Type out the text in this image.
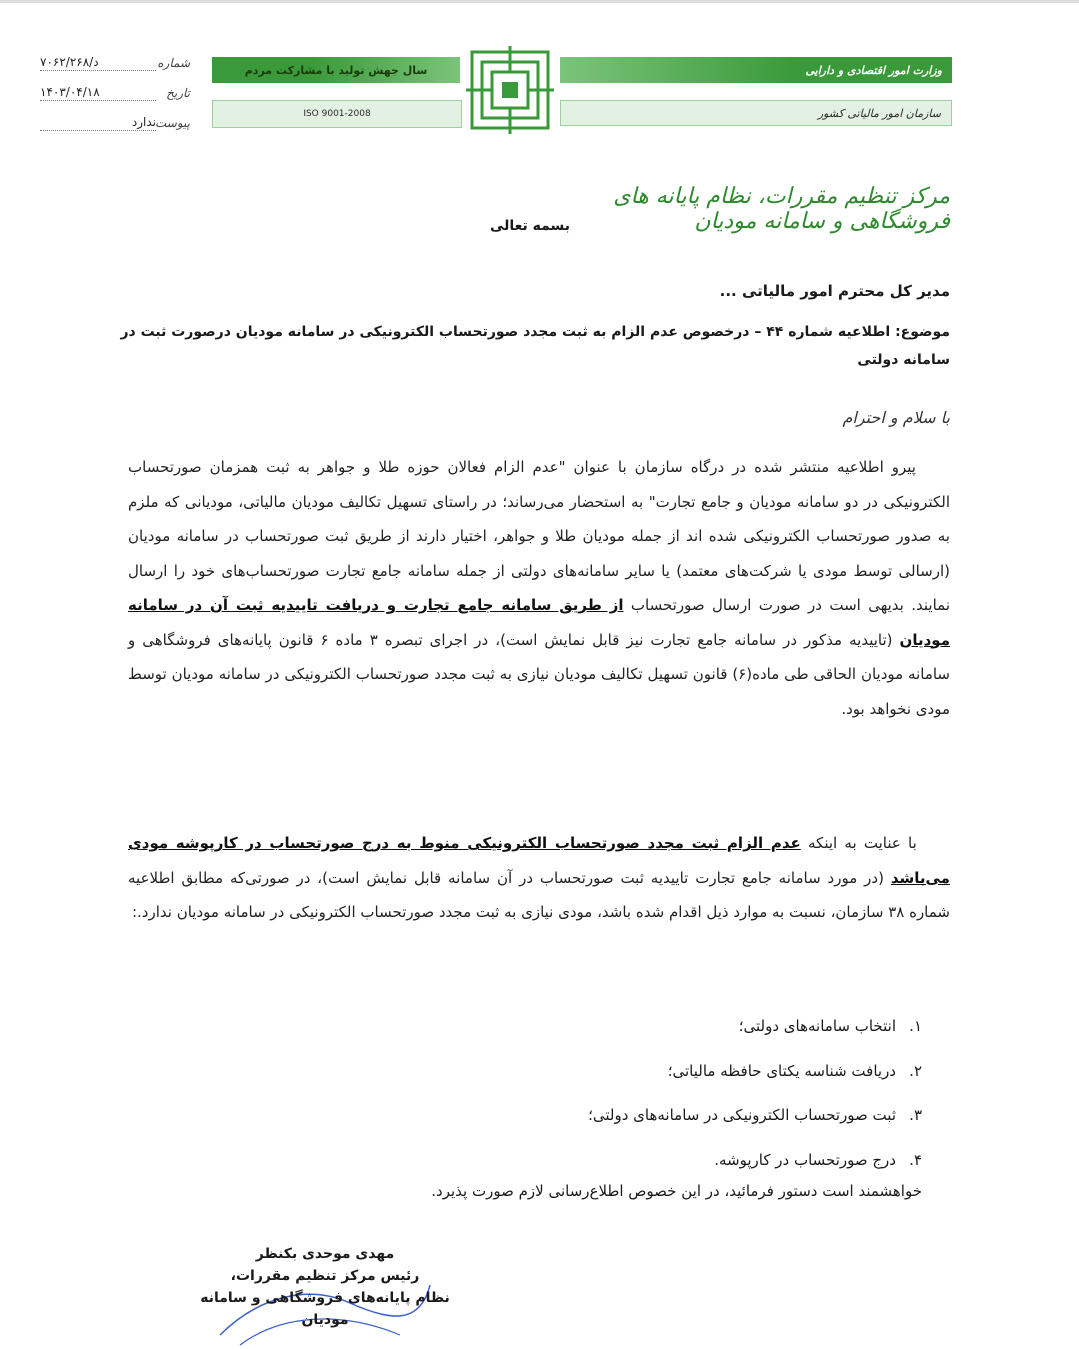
شماره
۷۰۶۲/۲۶۸/د
تاریخ
۱۴۰۳/۰۴/۱۸
پیوست
ندارد
سال جهش تولید با مشارکت مردم
ISO 9001-2008
وزارت امور اقتصادی و دارایی
سازمان امور مالیاتی کشور
مرکز تنظیم مقررات، نظام پایانه های فروشگاهی و سامانه مودیان
بسمه تعالی
مدیر کل محترم امور مالیاتی ...
موضوع: اطلاعیه شماره ۴۴ – درخصوص عدم الزام به ثبت مجدد صورتحساب الکترونیکی در سامانه مودیان درصورت ثبت در سامانه دولتی
با سلام و احترام
پیرو اطلاعیه منتشر شده در درگاه سازمان با عنوان "عدم الزام فعالان حوزه طلا و جواهر به ثبت همزمان صورتحساب الکترونیکی در دو سامانه مودیان و جامع تجارت" به استحضار می‌رساند؛ در راستای تسهیل تکالیف مودیان مالیاتی، مودیانی که ملزم به صدور صورتحساب الکترونیکی شده اند از جمله مودیان طلا و جواهر، اختیار دارند از طریق ثبت صورتحساب در سامانه مودیان (ارسالی توسط مودی یا شرکت‌های معتمد) یا سایر سامانه‌های دولتی از جمله سامانه جامع تجارت صورتحساب‌های خود را ارسال نمایند. بدیهی است در صورت ارسال صورتحساب از طریق سامانه جامع تجارت و دریافت تاییدیه ثبت آن در سامانه مودیان (تاییدیه مذکور در سامانه جامع تجارت نیز قابل نمایش است)، در اجرای تبصره ۳ ماده ۶ قانون پایانه‌های فروشگاهی و سامانه مودیان الحاقی طی ماده(۶) قانون تسهیل تکالیف مودیان نیازی به ثبت مجدد صورتحساب الکترونیکی در سامانه مودیان توسط مودی نخواهد بود.
با عنایت به اینکه عدم الزام ثبت مجدد صورتحساب الکترونیکی منوط به درج صورتحساب در کارپوشه مودی می‌باشد (در مورد سامانه جامع تجارت تاییدیه ثبت صورتحساب در آن سامانه قابل نمایش است)، در صورتی‌که مطابق اطلاعیه شماره ۳۸ سازمان، نسبت به موارد ذیل اقدام شده باشد، مودی نیازی به ثبت مجدد صورتحساب الکترونیکی در سامانه مودیان ندارد.:
۱.
انتخاب سامانه‌های دولتی؛
۲.
دریافت شناسه یکتای حافظه مالیاتی؛
۳.
ثبت صورتحساب الکترونیکی در سامانه‌های دولتی؛
۴.
درج صورتحساب در کارپوشه.
خواهشمند است دستور فرمائید، در این خصوص اطلاع‌رسانی لازم صورت پذیرد.
مهدی موحدی بکنظر
رئیس مرکز تنظیم مقررات،
نظام پایانه‌های فروشگاهی و سامانه مودیان
